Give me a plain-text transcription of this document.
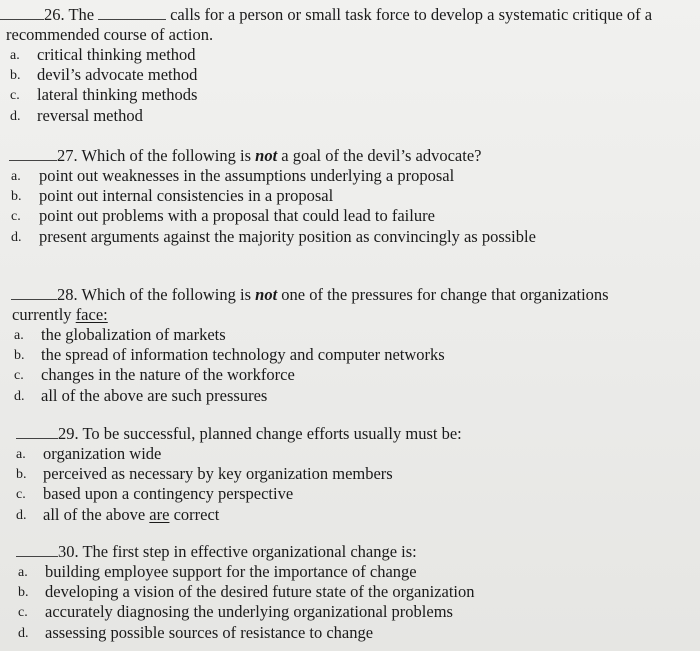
26. The	calls for a person or small task force to develop a systematic critique of a
recommended course of action.
a. critical thinking method
b. devil’s advocate method
c. lateral thinking methods
d. reversal method
27. Which of the following is not a goal of the devil’s advocate?
a. point out weaknesses in the assumptions underlying a proposal
b. point out internal consistencies in a proposal
c. point out problems with a proposal that could lead to failure
d. present arguments against the majority position as convincingly as possible
28. Which of the following is not one of the pressures for change that organizations
currently face:
a. the globalization of markets
b. the spread of information technology and computer networks
c. changes in the nature of the workforce
d. all of the above are such pressures
29. To be successful, planned change efforts usually must be:
a. organization wide
b. perceived as necessary by key organization members
c. based upon a contingency perspective
d. all of the above are correct
30. The first step in effective organizational change is:
a. building employee support for the importance of change
b. developing a vision of the desired future state of the organization
c. accurately diagnosing the underlying organizational problems
d. assessing possible sources of resistance to change
